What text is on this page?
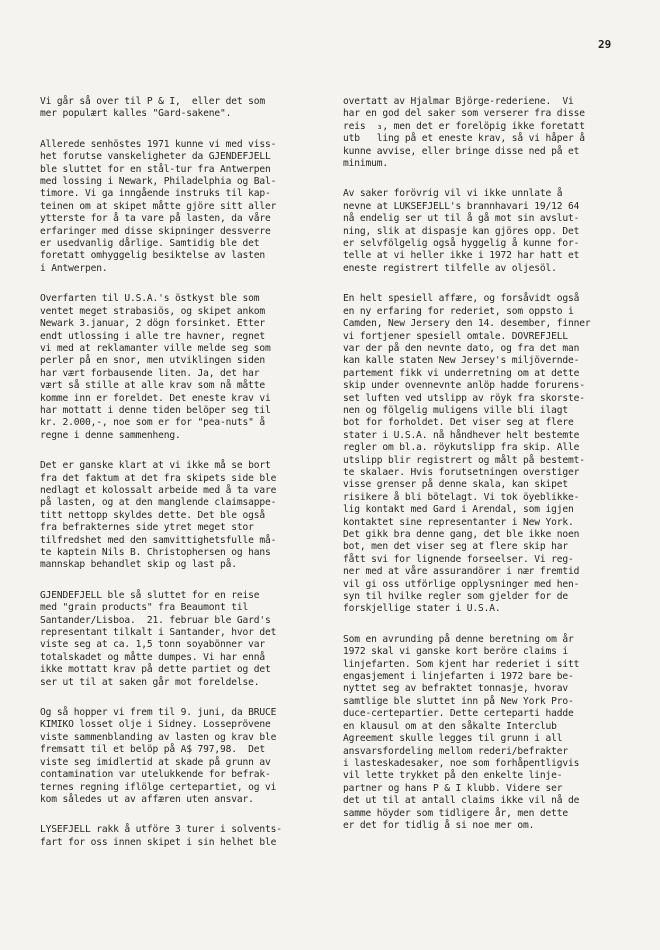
29
Vi går så over til P & I,  eller det som
mer populært kalles "Gard-sakene".
Allerede senhöstes 1971 kunne vi med viss-
het forutse vanskeligheter da GJENDEFJELL
ble sluttet for en stål-tur fra Antwerpen
med lossing i Newark, Philadelphia og Bal-
timore. Vi ga inngående instruks til kap-
teinen om at skipet måtte gjöre sitt aller
ytterste for å ta vare på lasten, da våre
erfaringer med disse skipninger dessverre
er usedvanlig dårlige. Samtidig ble det
foretatt omhyggelig besiktelse av lasten
i Antwerpen.
Overfarten til U.S.A.'s östkyst ble som
ventet meget strabasiös, og skipet ankom
Newark 3.januar, 2 dögn forsinket. Etter
endt utlossing i alle tre havner, regnet
vi med at reklamanter ville melde seg som
perler på en snor, men utviklingen siden
har vært forbausende liten. Ja, det har
vært så stille at alle krav som nå måtte
komme inn er foreldet. Det eneste krav vi
har mottatt i denne tiden belöper seg til
kr. 2.000,-, noe som er for "pea-nuts" å
regne i denne sammenheng.
Det er ganske klart at vi ikke må se bort
fra det faktum at det fra skipets side ble
nedlagt et kolossalt arbeide med å ta vare
på lasten, og at den manglende claimsappe-
titt nettopp skyldes dette. Det ble også
fra befrakternes side ytret meget stor
tilfredshet med den samvittighetsfulle må-
te kaptein Nils B. Christophersen og hans
mannskap behandlet skip og last på.
GJENDEFJELL ble så sluttet for en reise
med "grain products" fra Beaumont til
Santander/Lisboa.  21. februar ble Gard's
representant tilkalt i Santander, hvor det
viste seg at ca. 1,5 tonn soyabönner var
totalskadet og måtte dumpes. Vi har ennå
ikke mottatt krav på dette partiet og det
ser ut til at saken går mot foreldelse.
Og så hopper vi frem til 9. juni, da BRUCE
KIMIKO losset olje i Sidney. Losseprövene
viste sammenblanding av lasten og krav ble
fremsatt til et belöp på A$ 797,98.  Det
viste seg imidlertid at skade på grunn av
contamination var utelukkende for befrak-
ternes regning iflölge certepartiet, og vi
kom således ut av affæren uten ansvar.
LYSEFJELL rakk å utföre 3 turer i solvents-
fart for oss innen skipet i sin helhet ble
overtatt av Hjalmar Björge-rederiene.  Vi
har en god del saker som verserer fra disse
reis  ₃, men det er forelöpig ikke foretatt
utb   ling på et eneste krav, så vi håper å
kunne avvise, eller bringe disse ned på et
minimum.
Av saker forövrig vil vi ikke unnlate å
nevne at LUKSEFJELL's brannhavari 19/12 64
nå endelig ser ut til å gå mot sin avslut-
ning, slik at dispasje kan gjöres opp. Det
er selvfölgelig også hyggelig å kunne for-
telle at vi heller ikke i 1972 har hatt et
eneste registrert tilfelle av oljesöl.
En helt spesiell affære, og forsåvidt også
en ny erfaring for rederiet, som oppsto i
Camden, New Jersery den 14. desember, finner
vi fortjener spesiell omtale. DOVREFJELL
var der på den nevnte dato, og fra det man
kan kalle staten New Jersey's miljövernde-
partement fikk vi underretning om at dette
skip under ovennevnte anlöp hadde forurens-
set luften ved utslipp av röyk fra skorste-
nen og fölgelig muligens ville bli ilagt
bot for forholdet. Det viser seg at flere
stater i U.S.A. nå håndhever helt bestemte
regler om bl.a. röykutslipp fra skip. Alle
utslipp blir registrert og målt på bestemt-
te skalaer. Hvis forutsetningen overstiger
visse grenser på denne skala, kan skipet
risikere å bli bötelagt. Vi tok öyeblikke-
lig kontakt med Gard i Arendal, som igjen
kontaktet sine representanter i New York.
Det gikk bra denne gang, det ble ikke noen
bot, men det viser seg at flere skip har
fått svi for lignende forseelser. Vi reg-
ner med at våre assurandörer i nær fremtid
vil gi oss utförlige opplysninger med hen-
syn til hvilke regler som gjelder for de
forskjellige stater i U.S.A.
Som en avrunding på denne beretning om år
1972 skal vi ganske kort beröre claims i
linjefarten. Som kjent har rederiet i sitt
engasjement i linjefarten i 1972 bare be-
nyttet seg av befraktet tonnasje, hvorav
samtlige ble sluttet inn på New York Pro-
duce-certepartier. Dette certeparti hadde
en klausul om at den såkalte Interclub
Agreement skulle legges til grunn i all
ansvarsfordeling mellom rederi/befrakter
i lasteskadesaker, noe som forhåpentligvis
vil lette trykket på den enkelte linje-
partner og hans P & I klubb. Videre ser
det ut til at antall claims ikke vil nå de
samme höyder som tidligere år, men dette
er det for tidlig å si noe mer om.
